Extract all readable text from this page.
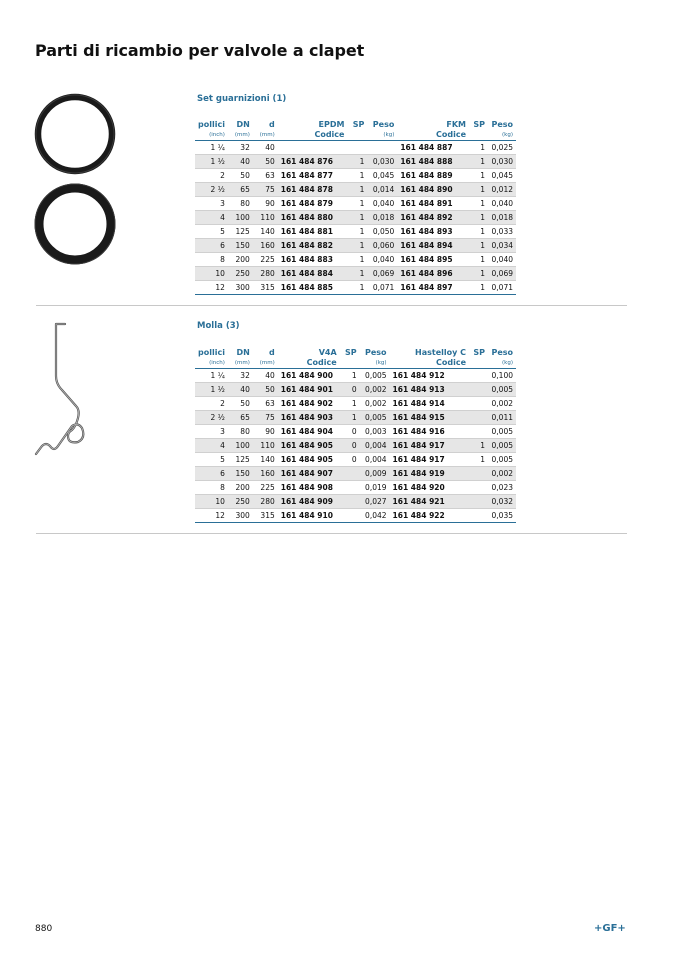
Parti di ricambio per valvole a clapet
Set guarnizioni (1)
pollici	DN	d	EPDM	SP	Peso	FKM	SP	Peso
(inch)	(mm)	(mm)	Codice		(kg)	Codice		(kg)
1 ¼	32	40				161 484 887	1	0,025
1 ½	40	50	161 484 876	1	0,030	161 484 888	1	0,030
2	50	63	161 484 877	1	0,045	161 484 889	1	0,045
2 ½	65	75	161 484 878	1	0,014	161 484 890	1	0,012
3	80	90	161 484 879	1	0,040	161 484 891	1	0,040
4	100	110	161 484 880	1	0,018	161 484 892	1	0,018
5	125	140	161 484 881	1	0,050	161 484 893	1	0,033
6	150	160	161 484 882	1	0,060	161 484 894	1	0,034
8	200	225	161 484 883	1	0,040	161 484 895	1	0,040
10	250	280	161 484 884	1	0,069	161 484 896	1	0,069
12	300	315	161 484 885	1	0,071	161 484 897	1	0,071
Molla (3)
pollici	DN	d	V4A	SP	Peso	Hastelloy C	SP	Peso
(inch)	(mm)	(mm)	Codice		(kg)	Codice		(kg)
1 ¼	32	40	161 484 900	1	0,005	161 484 912		0,100
1 ½	40	50	161 484 901	0	0,002	161 484 913		0,005
2	50	63	161 484 902	1	0,002	161 484 914		0,002
2 ½	65	75	161 484 903	1	0,005	161 484 915		0,011
3	80	90	161 484 904	0	0,003	161 484 916		0,005
4	100	110	161 484 905	0	0,004	161 484 917	1	0,005
5	125	140	161 484 905	0	0,004	161 484 917	1	0,005
6	150	160	161 484 907		0,009	161 484 919		0,002
8	200	225	161 484 908		0,019	161 484 920		0,023
10	250	280	161 484 909		0,027	161 484 921		0,032
12	300	315	161 484 910		0,042	161 484 922		0,035
880	+GF+
